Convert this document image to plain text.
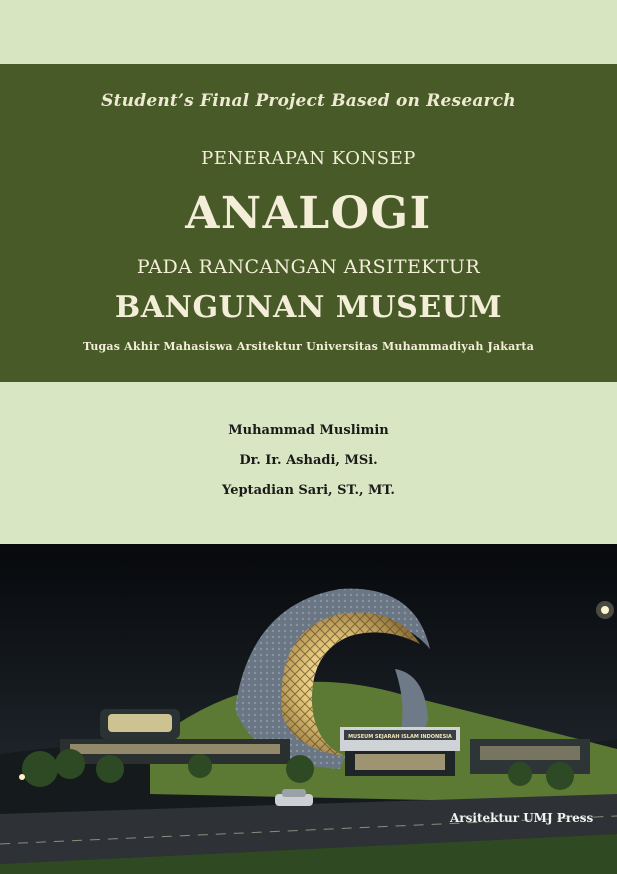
Student’s Final Project Based on Research
PENERAPAN KONSEP
ANALOGI
PADA RANCANGAN ARSITEKTUR
BANGUNAN MUSEUM
Tugas Akhir Mahasiswa Arsitektur Universitas Muhammadiyah Jakarta
Muhammad Muslimin
Dr. Ir. Ashadi, MSi.
Yeptadian Sari, ST., MT.
MUSEUM SEJARAH ISLAM INDONESIA
Arsitektur UMJ Press
